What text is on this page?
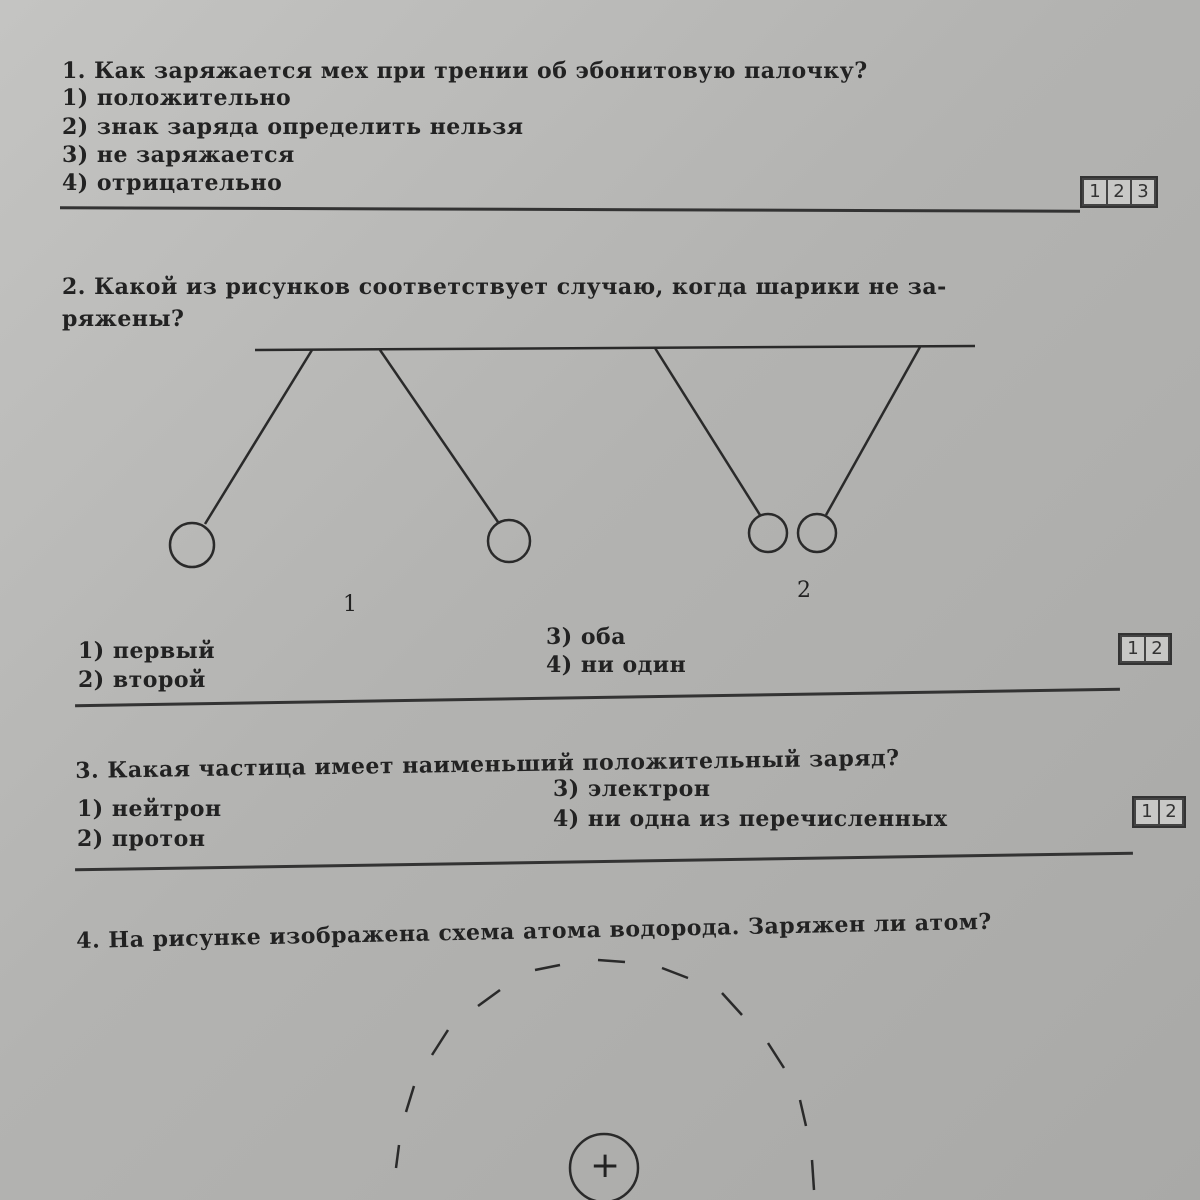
1. Как заряжается мех при трении об эбонитовую палочку?
1) положительно
2) знак заряда определить нельзя
3) не заряжается
4) отрицательно	1 2 3
2. Какой из рисунков соответствует случаю, когда шарики не за-
ряжены?
1
2
1) первый
2) второй
3) оба
4) ни один
1 2
3. Какая частица имеет наименьший положительный заряд?
1) нейтрон
2) протон
3) электрон
4) ни одна из перечисленных	1 2
4. На рисунке изображена схема атома водорода. Заряжен ли атом?
+
